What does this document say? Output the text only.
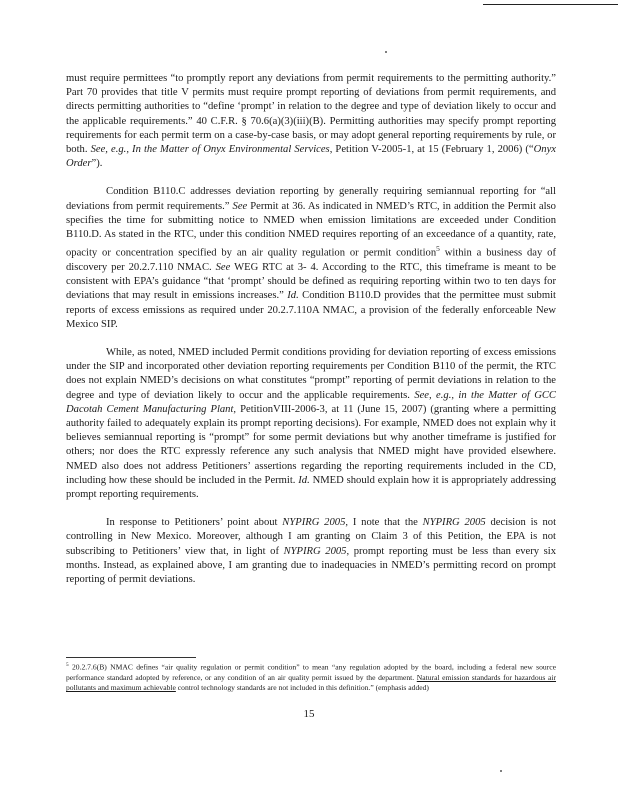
must require permittees “to promptly report any deviations from permit requirements to the permitting authority.” Part 70 provides that title V permits must require prompt reporting of deviations from permit requirements, and directs permitting authorities to “define ‘prompt’ in relation to the degree and type of deviation likely to occur and the applicable requirements.” 40 C.F.R. § 70.6(a)(3)(iii)(B). Permitting authorities may specify prompt reporting requirements for each permit term on a case-by-case basis, or may adopt general reporting requirements by rule, or both. See, e.g., In the Matter of Onyx Environmental Services, Petition V-2005-1, at 15 (February 1, 2006) (“Onyx Order”).

Condition B110.C addresses deviation reporting by generally requiring semiannual reporting for “all deviations from permit requirements.” See Permit at 36. As indicated in NMED’s RTC, in addition the Permit also specifies the time for submitting notice to NMED when emission limitations are exceeded under Condition B110.D. As stated in the RTC, under this condition NMED requires reporting of an exceedance of a quantity, rate, opacity or concentration specified by an air quality regulation or permit condition$^5$ within a business day of discovery per 20.2.7.110 NMAC. See WEG RTC at 3- 4. According to the RTC, this timeframe is meant to be consistent with EPA’s guidance “that ‘prompt’ should be defined as requiring reporting within two to ten days for deviations that may result in emissions increases.” Id. Condition B110.D provides that the permittee must submit reports of excess emissions as required under 20.2.7.110A NMAC, a provision of the federally enforceable New Mexico SIP.

While, as noted, NMED included Permit conditions providing for deviation reporting of excess emissions under the SIP and incorporated other deviation reporting requirements per Condition B110 of the permit, the RTC does not explain NMED’s decisions on what constitutes “prompt” reporting of permit deviations in relation to the degree and type of deviation likely to occur and the applicable requirements. See, e.g., in the Matter of GCC Dacotah Cement Manufacturing Plant, PetitionVIII-2006-3, at 11 (June 15, 2007) (granting where a permitting authority failed to adequately explain its prompt reporting decisions). For example, NMED does not explain why it believes semiannual reporting is “prompt” for some permit deviations but why another timeframe is justified for others; nor does the RTC expressly reference any such analysis that NMED might have provided elsewhere. NMED also does not address Petitioners’ assertions regarding the reporting requirements included in the CD, including how these should be included in the Permit. Id. NMED should explain how it is appropriately addressing prompt reporting requirements.

In response to Petitioners’ point about NYPIRG 2005, I note that the NYPIRG 2005 decision is not controlling in New Mexico. Moreover, although I am granting on Claim 3 of this Petition, the EPA is not subscribing to Petitioners’ view that, in light of NYPIRG 2005, prompt reporting must be less than every six months. Instead, as explained above, I am granting due to inadequacies in NMED’s permitting record on prompt reporting of permit deviations.

$^5$ 20.2.7.6(B) NMAC defines “air quality regulation or permit condition” to mean “any regulation adopted by the board, including a federal new source performance standard adopted by reference, or any condition of an air quality permit issued by the department. Natural emission standards for hazardous air pollutants and maximum achievable control technology standards are not included in this definition.” (emphasis added)
15
